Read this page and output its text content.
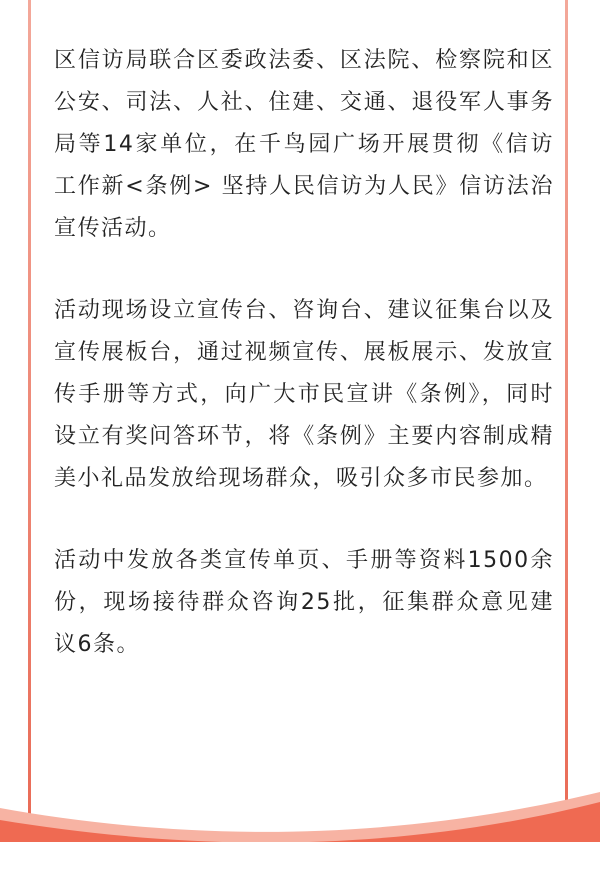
区信访局联合区委政法委、区法院、检察院和区公安、司法、人社、住建、交通、退役军人事务局等14家单位，在千鸟园广场开展贯彻《信访工作新<条例> 坚持人民信访为人民》信访法治宣传活动。

活动现场设立宣传台、咨询台、建议征集台以及宣传展板台，通过视频宣传、展板展示、发放宣传手册等方式，向广大市民宣讲《条例》，同时设立有奖问答环节，将《条例》主要内容制成精美小礼品发放给现场群众，吸引众多市民参加。

活动中发放各类宣传单页、手册等资料1500余份，现场接待群众咨询25批，征集群众意见建议6条。
